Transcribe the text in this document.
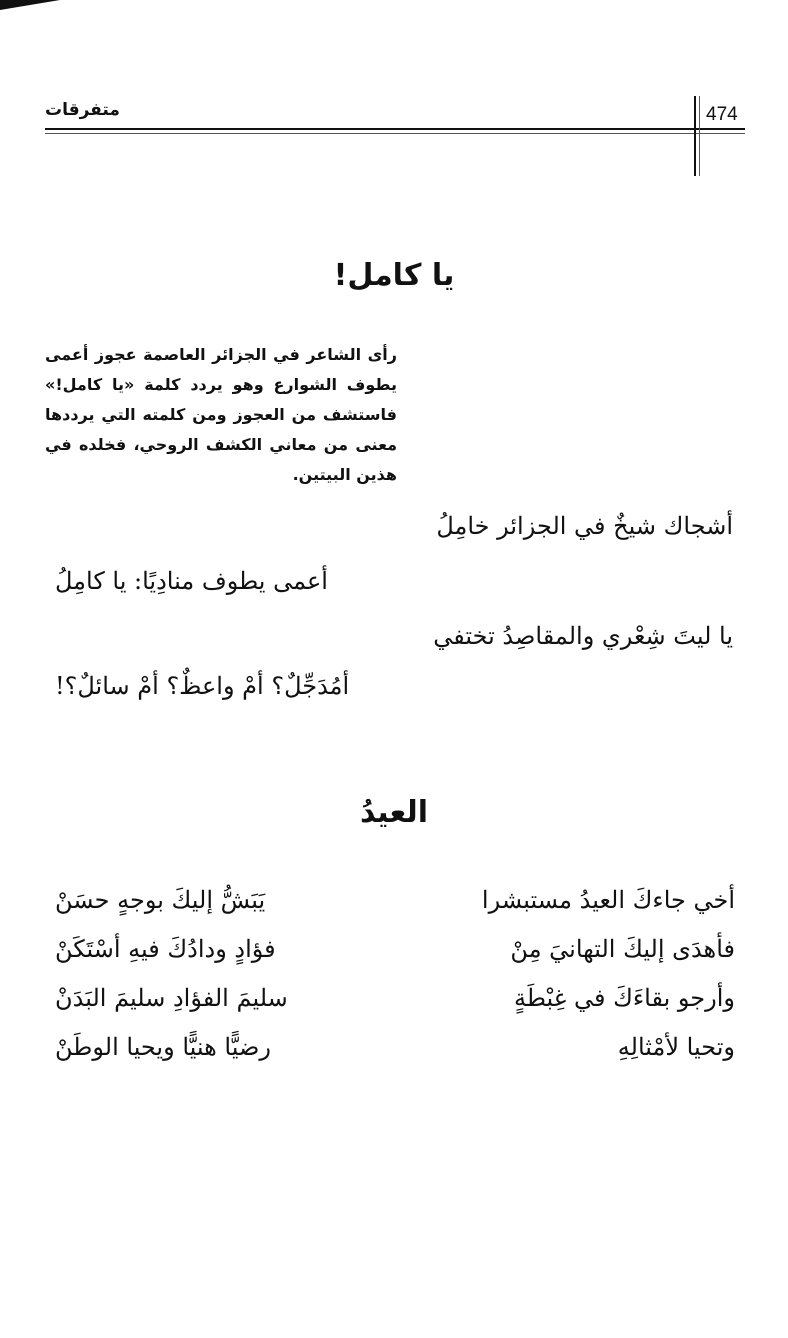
474
متفرقات
يا كامل!
رأى الشاعر في الجزائر العاصمة عجوز أعمى يطوف الشوارع وهو يردد كلمة «يا كامل!» فاستشف من العجوز ومن كلمته التي يرددها معنى من معاني الكشف الروحي، فخلده في هذين البيتين.
أشجاك شيخٌ في الجزائر خامِلُ
أعمى يطوف منادِيًا: يا كامِلُ
يا ليتَ شِعْري والمقاصِدُ تختفي
أمُدَجِّلٌ؟ أمْ واعظٌ؟ أمْ سائلٌ؟!
العيدُ
أخي جاءكَ العيدُ مستبشرا
يَبَشُّ إليكَ بوجهٍ حسَنْ
فأهدَى إليكَ التهانيَ مِنْ
فؤادٍ ودادُكَ فيهِ أسْتَكَنْ
وأرجو بقاءَكَ في غِبْطَةٍ
سليمَ الفؤادِ سليمَ البَدَنْ
وتحيا لأمْثالِهِ
رضيًّا هنيًّا ويحيا الوطَنْ
